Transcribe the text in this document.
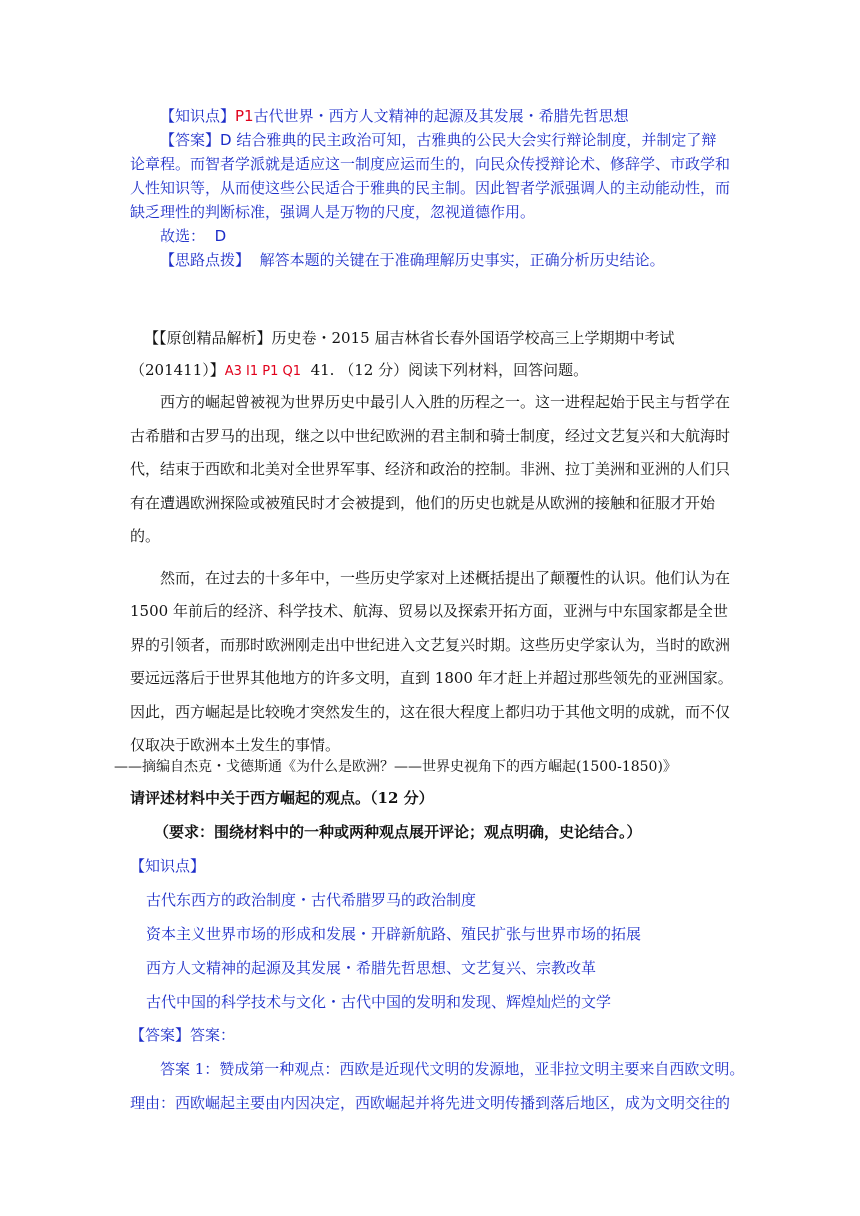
【知识点】P1古代世界・西方人文精神的起源及其发展・希腊先哲思想
【答案】D 结合雅典的民主政治可知，古雅典的公民大会实行辩论制度，并制定了辩
论章程。而智者学派就是适应这一制度应运而生的，向民众传授辩论术、修辞学、市政学和
人性知识等，从而使这些公民适合于雅典的民主制。因此智者学派强调人的主动能动性，而
缺乏理性的判断标准，强调人是万物的尺度，忽视道德作用。
故选： D
【思路点拨】 解答本题的关键在于准确理解历史事实，正确分析历史结论。
【【原创精品解析】历史卷・2015 届吉林省长春外国语学校高三上学期期中考试
（201411）】A3 I1 P1 Q1 41. （12 分）阅读下列材料，回答问题。
西方的崛起曾被视为世界历史中最引人入胜的历程之一。这一进程起始于民主与哲学在
古希腊和古罗马的出现，继之以中世纪欧洲的君主制和骑士制度，经过文艺复兴和大航海时
代，结束于西欧和北美对全世界军事、经济和政治的控制。非洲、拉丁美洲和亚洲的人们只
有在遭遇欧洲探险或被殖民时才会被提到，他们的历史也就是从欧洲的接触和征服才开始
的。
然而，在过去的十多年中，一些历史学家对上述概括提出了颠覆性的认识。他们认为在
1500 年前后的经济、科学技术、航海、贸易以及探索开拓方面，亚洲与中东国家都是全世
界的引领者，而那时欧洲刚走出中世纪进入文艺复兴时期。这些历史学家认为，当时的欧洲
要远远落后于世界其他地方的许多文明，直到 1800 年才赶上并超过那些领先的亚洲国家。
因此，西方崛起是比较晚才突然发生的，这在很大程度上都归功于其他文明的成就，而不仅
仅取决于欧洲本土发生的事情。
——摘编自杰克・戈德斯通《为什么是欧洲？——世界史视角下的西方崛起(1500-1850)》
请评述材料中关于西方崛起的观点。（12 分）
（要求：围绕材料中的一种或两种观点展开评论；观点明确，史论结合。）
【知识点】
古代东西方的政治制度・古代希腊罗马的政治制度
资本主义世界市场的形成和发展・开辟新航路、殖民扩张与世界市场的拓展
西方人文精神的起源及其发展・希腊先哲思想、文艺复兴、宗教改革
古代中国的科学技术与文化・古代中国的发明和发现、辉煌灿烂的文学
【答案】答案：
答案 1：赞成第一种观点：西欧是近现代文明的发源地，亚非拉文明主要来自西欧文明。
理由：西欧崛起主要由内因决定，西欧崛起并将先进文明传播到落后地区，成为文明交往的
